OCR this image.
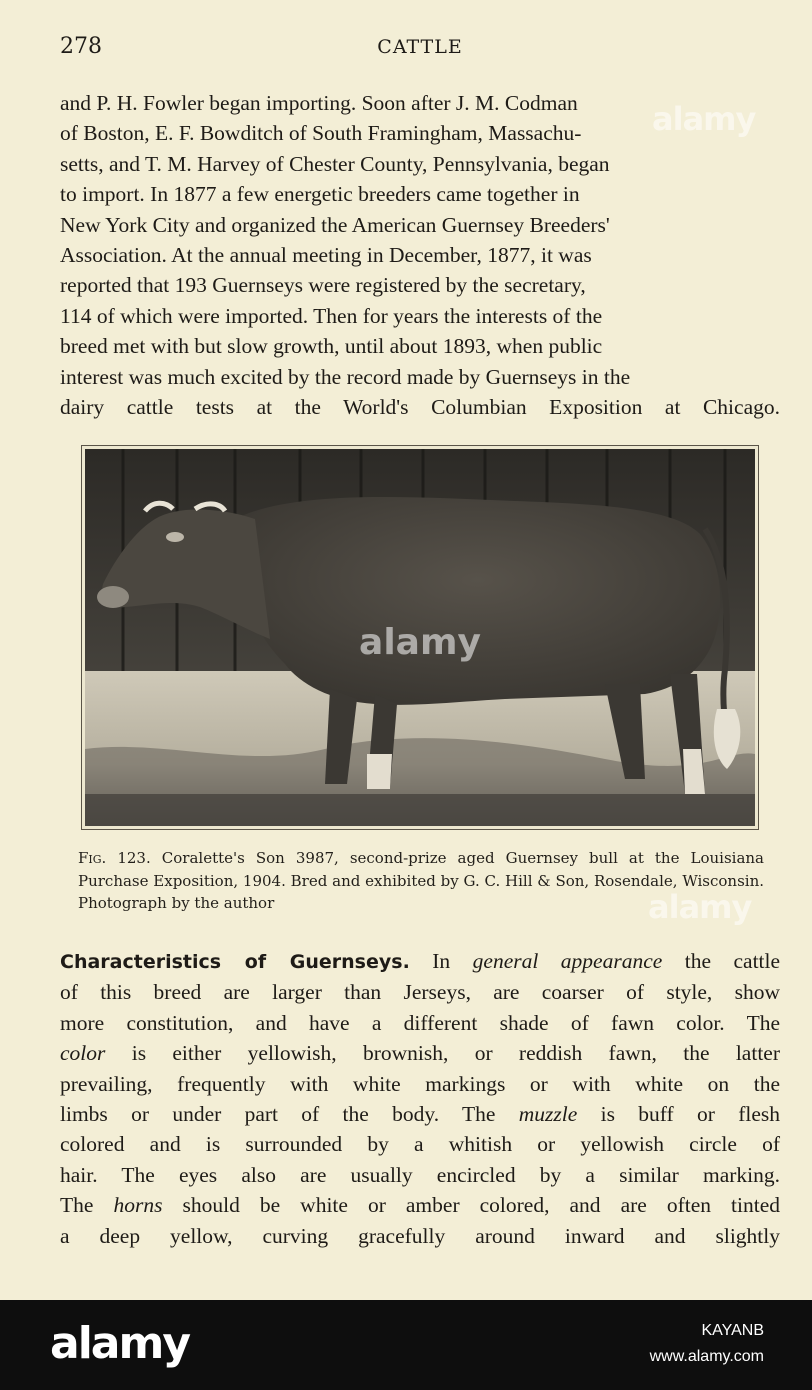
278	CATTLE

and P. H. Fowler began importing. Soon after J. M. Codman
of Boston, E. F. Bowditch of South Framingham, Massachu-
setts, and T. M. Harvey of Chester County, Pennsylvania, began
to import. In 1877 a few energetic breeders came together in
New York City and organized the American Guernsey Breeders'
Association. At the annual meeting in December, 1877, it was
reported that 193 Guernseys were registered by the secretary,
114 of which were imported. Then for years the interests of the
breed met with but slow growth, until about 1893, when public
interest was much excited by the record made by Guernseys in the
dairy cattle tests at the World's Columbian Exposition at Chicago.

alamy

Fig. 123. Coralette's Son 3987, second-prize aged Guernsey bull at the Louisiana Purchase Exposition, 1904. Bred and exhibited by G. C. Hill & Son, Rosendale, Wisconsin. Photograph by the author

Characteristics of Guernseys. In general appearance the cattle
of this breed are larger than Jerseys, are coarser of style, show
more constitution, and have a different shade of fawn color. The
color is either yellowish, brownish, or reddish fawn, the latter
prevailing, frequently with white markings or with white on the
limbs or under part of the body. The muzzle is buff or flesh
colored and is surrounded by a whitish or yellowish circle of
hair. The eyes also are usually encircled by a similar marking.
The horns should be white or amber colored, and are often tinted
a deep yellow, curving gracefully around inward and slightly

alamy
alamy
alamy	KAYANB
www.alamy.com
